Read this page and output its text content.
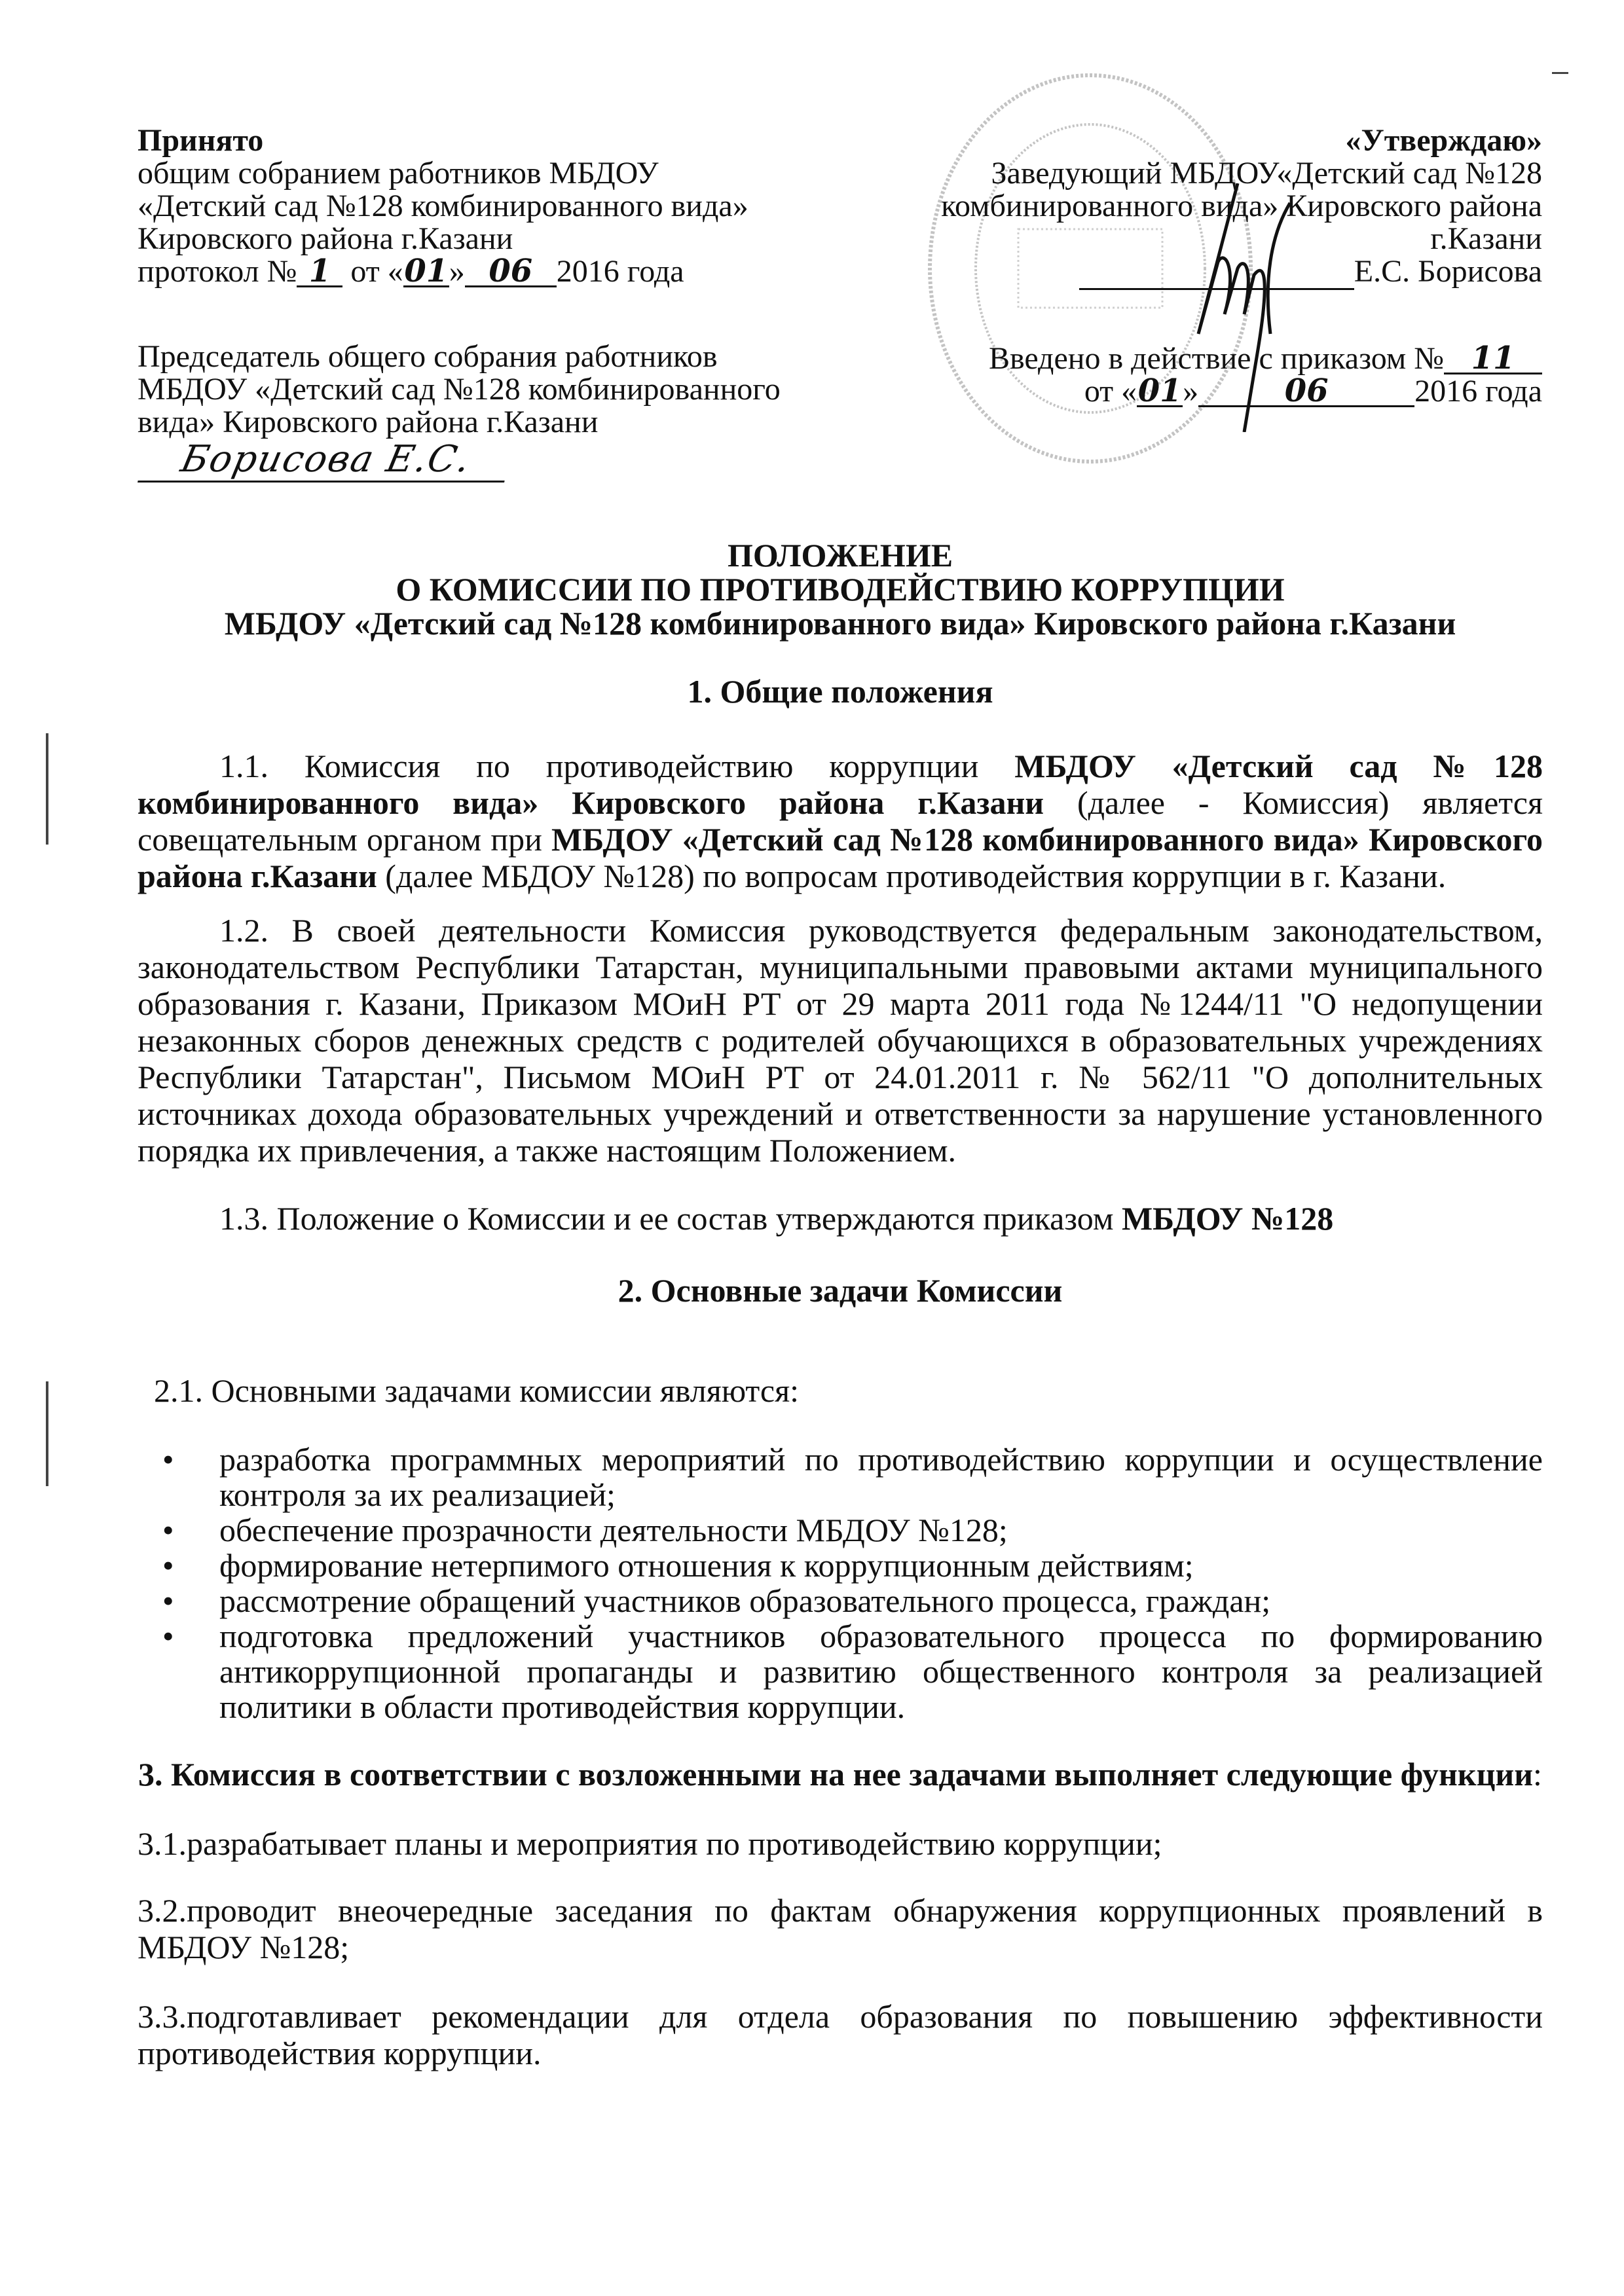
Принято
общим собранием работников МБДОУ
«Детский сад №128 комбинированного вида»
Кировского района г.Казани
протокол № 1 от «01» 06 2016 года
Председатель общего собрания работников
МБДОУ «Детский сад №128 комбинированного
вида» Кировского района г.Казани
Борисова Е.С.
«Утверждаю»
Заведующий МБДОУ«Детский сад №128
комбинированного вида» Кировского района
г.Казани
Е.С. Борисова
Введено в действие с приказом № 11
от «01»	06	2016 года
ПОЛОЖЕНИЕ
О КОМИССИИ ПО ПРОТИВОДЕЙСТВИЮ КОРРУПЦИИ
МБДОУ «Детский сад №128 комбинированного вида» Кировского района г.Казани
1. Общие положения
1.1. Комиссия по противодействию коррупции МБДОУ «Детский сад №128 комбинированного вида» Кировского района г.Казани (далее - Комиссия) является совещательным органом при МБДОУ «Детский сад №128 комбинированного вида» Кировского района г.Казани (далее МБДОУ №128) по вопросам противодействия коррупции в г. Казани.
1.2. В своей деятельности Комиссия руководствуется федеральным законодательством, законодательством Республики Татарстан, муниципальными правовыми актами муниципального образования г. Казани, Приказом МОиН РТ от 29 марта 2011 года №1244/11 "О недопущении незаконных сборов денежных средств с родителей обучающихся в образовательных учреждениях Республики Татарстан", Письмом МОиН РТ от 24.01.2011 г. № 562/11 "О дополнительных источниках дохода образовательных учреждений и ответственности за нарушение установленного порядка их привлечения, а также настоящим Положением.
1.3. Положение о Комиссии и ее состав утверждаются приказом МБДОУ №128
2. Основные задачи Комиссии
2.1. Основными задачами комиссии являются:
• разработка программных мероприятий по противодействию коррупции и осуществление контроля за их реализацией;
• обеспечение прозрачности деятельности МБДОУ №128;
• формирование нетерпимого отношения к коррупционным действиям;
• рассмотрение обращений участников образовательного процесса, граждан;
• подготовка предложений участников образовательного процесса по формированию антикоррупционной пропаганды и развитию общественного контроля за реализацией политики в области противодействия коррупции.
3. Комиссия в соответствии с возложенными на нее задачами выполняет следующие функции:
3.1.разрабатывает планы и мероприятия по противодействию коррупции;
3.2.проводит внеочередные заседания по фактам обнаружения коррупционных проявлений в МБДОУ №128;
3.3.подготавливает рекомендации для отдела образования по повышению эффективности противодействия коррупции.
